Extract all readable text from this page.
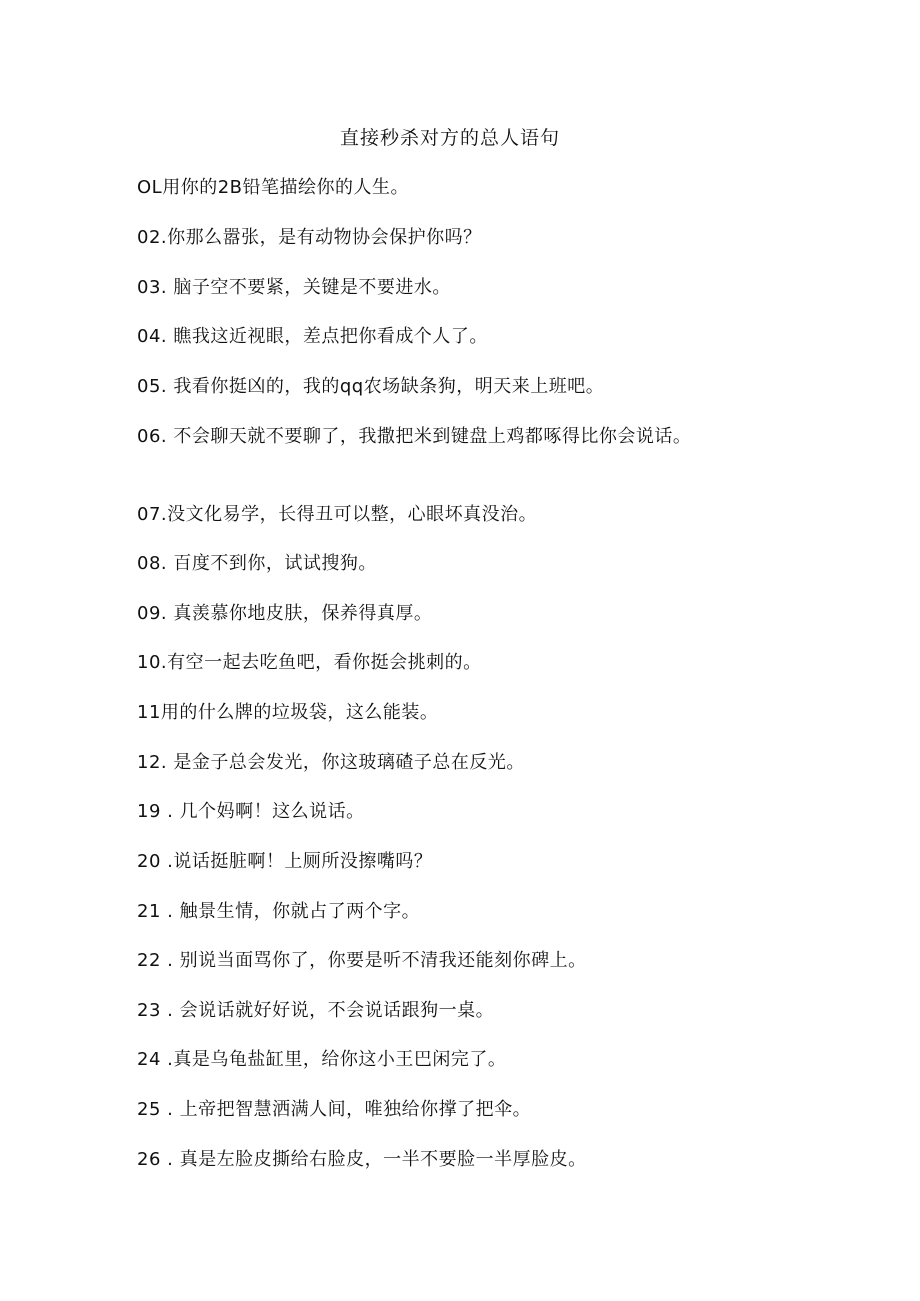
直接秒杀对方的总人语句
OL用你的2B铅笔描绘你的人生。
02.你那么嚣张，是有动物协会保护你吗？
03. 脑子空不要紧，关键是不要进水。
04. 瞧我这近视眼，差点把你看成个人了。
05. 我看你挺凶的，我的qq农场缺条狗，明天来上班吧。
06. 不会聊天就不要聊了，我撒把米到键盘上鸡都啄得比你会说话。
07.没文化易学，长得丑可以整，心眼坏真没治。
08. 百度不到你，试试搜狗。
09. 真羡慕你地皮肤，保养得真厚。
10.有空一起去吃鱼吧，看你挺会挑刺的。
11用的什么牌的垃圾袋，这么能装。
12. 是金子总会发光，你这玻璃碴子总在反光。
19 . 几个妈啊！这么说话。
20 .说话挺脏啊！上厕所没擦嘴吗？
21 . 触景生情，你就占了两个字。
22 . 别说当面骂你了，你要是听不清我还能刻你碑上。
23 . 会说话就好好说，不会说话跟狗一桌。
24 .真是乌龟盐缸里，给你这小王巴闲完了。
25 . 上帝把智慧洒满人间，唯独给你撑了把伞。
26 . 真是左脸皮撕给右脸皮，一半不要脸一半厚脸皮。
